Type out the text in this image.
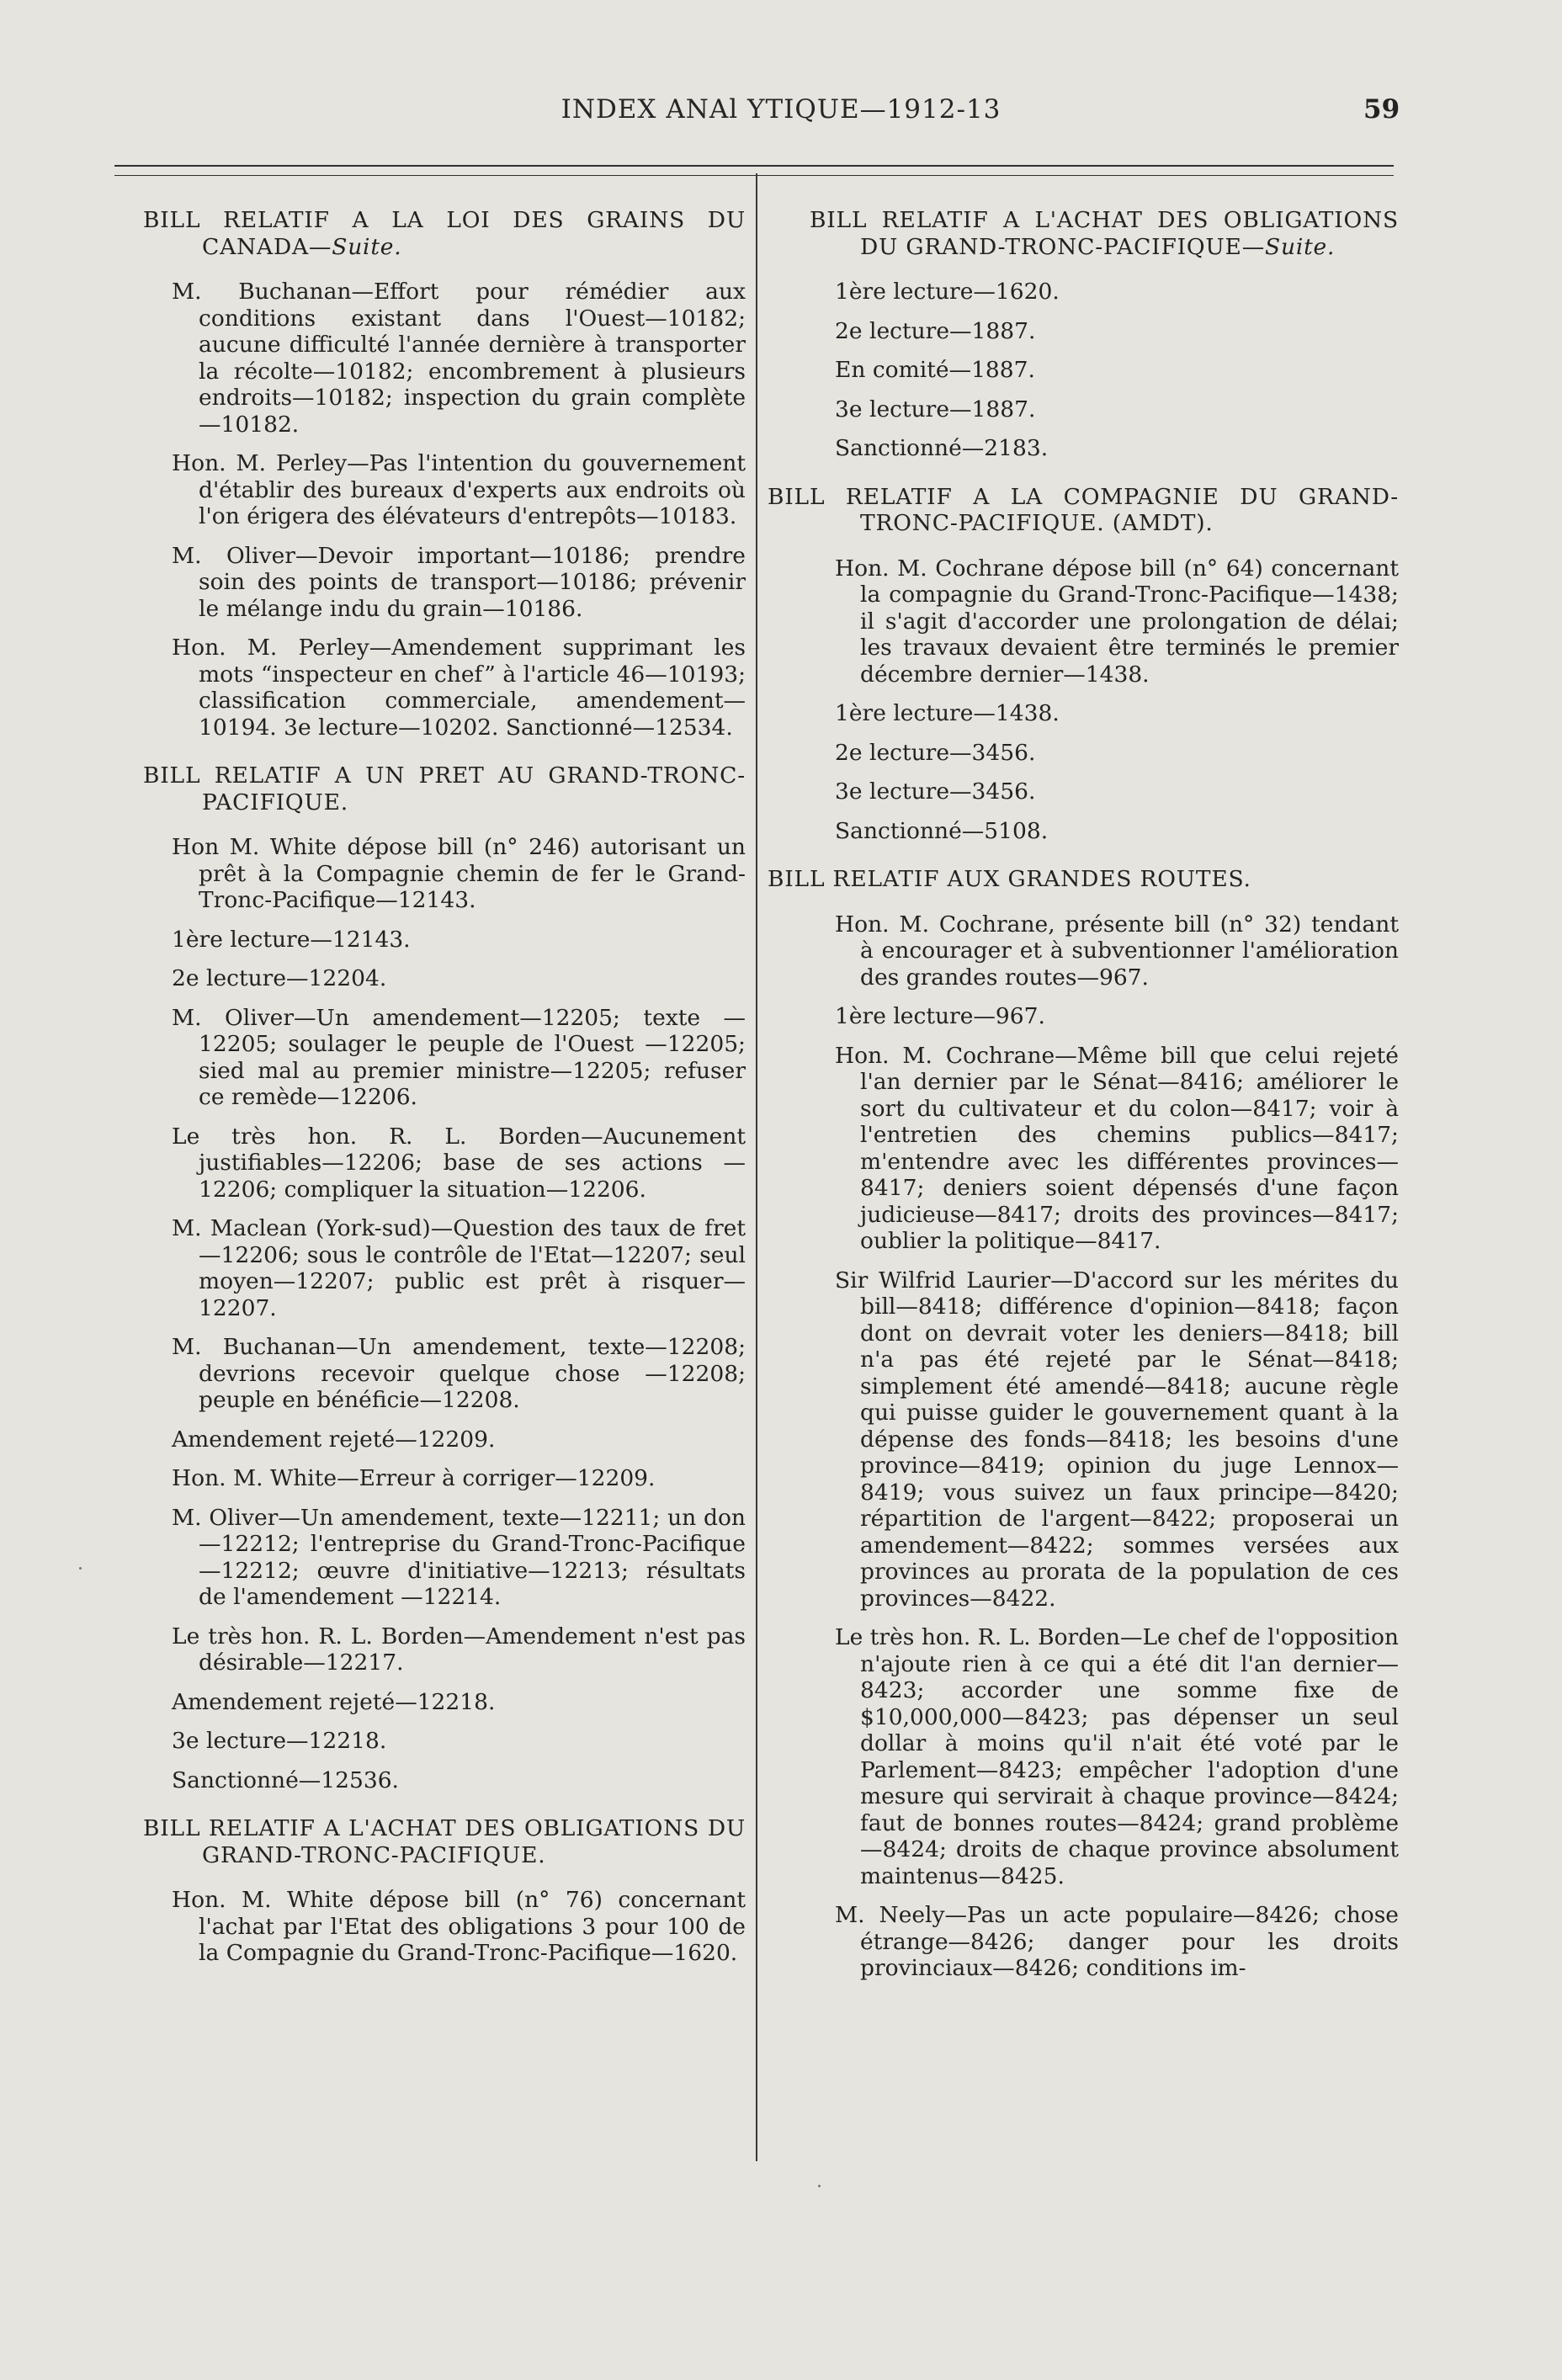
INDEX ANAl YTIQUE—1912-13	59

BILL RELATIF A LA LOI DES GRAINS DU CANADA—Suite.

M. Buchanan—Effort pour rémédier aux conditions existant dans l'Ouest—10182; aucune difficulté l'année dernière à transporter la récolte—10182; encombrement à plusieurs endroits—10182; inspection du grain complète—10182.

Hon. M. Perley—Pas l'intention du gouvernement d'établir des bureaux d'experts aux endroits où l'on érigera des élévateurs d'entrepôts—10183.

M. Oliver—Devoir important—10186; prendre soin des points de transport—10186; prévenir le mélange indu du grain—10186.

Hon. M. Perley—Amendement supprimant les mots “inspecteur en chef” à l'article 46—10193; classification commerciale, amendement—10194. 3e lecture—10202. Sanctionné—12534.

BILL RELATIF A UN PRET AU GRAND-TRONC-PACIFIQUE.

Hon M. White dépose bill (n° 246) autorisant un prêt à la Compagnie chemin de fer le Grand-Tronc-Pacifique—12143.

1ère lecture—12143.

2e lecture—12204.

M. Oliver—Un amendement—12205; texte —12205; soulager le peuple de l'Ouest —12205; sied mal au premier ministre—12205; refuser ce remède—12206.

Le très hon. R. L. Borden—Aucunement justifiables—12206; base de ses actions —12206; compliquer la situation—12206.

M. Maclean (York-sud)—Question des taux de fret—12206; sous le contrôle de l'Etat—12207; seul moyen—12207; public est prêt à risquer—12207.

M. Buchanan—Un amendement, texte—12208; devrions recevoir quelque chose —12208; peuple en bénéficie—12208.

Amendement rejeté—12209.

Hon. M. White—Erreur à corriger—12209.

M. Oliver—Un amendement, texte—12211; un don—12212; l'entreprise du Grand-Tronc-Pacifique—12212; œuvre d'initiative—12213; résultats de l'amendement —12214.

Le très hon. R. L. Borden—Amendement n'est pas désirable—12217.

Amendement rejeté—12218.

3e lecture—12218.

Sanctionné—12536.

BILL RELATIF A L'ACHAT DES OBLIGATIONS DU GRAND-TRONC-PACIFIQUE.

Hon. M. White dépose bill (n° 76) concernant l'achat par l'Etat des obligations 3 pour 100 de la Compagnie du Grand-Tronc-Pacifique—1620.

BILL RELATIF A L'ACHAT DES OBLIGATIONS DU GRAND-TRONC-PACIFIQUE—Suite.

1ère lecture—1620.

2e lecture—1887.

En comité—1887.

3e lecture—1887.

Sanctionné—2183.

BILL RELATIF A LA COMPAGNIE DU GRAND-TRONC-PACIFIQUE. (AMDT).

Hon. M. Cochrane dépose bill (n° 64) concernant la compagnie du Grand-Tronc-Pacifique—1438; il s'agit d'accorder une prolongation de délai; les travaux devaient être terminés le premier décembre dernier—1438.

1ère lecture—1438.

2e lecture—3456.

3e lecture—3456.

Sanctionné—5108.

BILL RELATIF AUX GRANDES ROUTES.

Hon. M. Cochrane, présente bill (n° 32) tendant à encourager et à subventionner l'amélioration des grandes routes—967.

1ère lecture—967.

Hon. M. Cochrane—Même bill que celui rejeté l'an dernier par le Sénat—8416; améliorer le sort du cultivateur et du colon—8417; voir à l'entretien des chemins publics—8417; m'entendre avec les différentes provinces—8417; deniers soient dépensés d'une façon judicieuse—8417; droits des provinces—8417; oublier la politique—8417.

Sir Wilfrid Laurier—D'accord sur les mérites du bill—8418; différence d'opinion—8418; façon dont on devrait voter les deniers—8418; bill n'a pas été rejeté par le Sénat—8418; simplement été amendé—8418; aucune règle qui puisse guider le gouvernement quant à la dépense des fonds—8418; les besoins d'une province—8419; opinion du juge Lennox—8419; vous suivez un faux principe—8420; répartition de l'argent—8422; proposerai un amendement—8422; sommes versées aux provinces au prorata de la population de ces provinces—8422.

Le très hon. R. L. Borden—Le chef de l'opposition n'ajoute rien à ce qui a été dit l'an dernier—8423; accorder une somme fixe de $10,000,000—8423; pas dépenser un seul dollar à moins qu'il n'ait été voté par le Parlement—8423; empêcher l'adoption d'une mesure qui servirait à chaque province—8424; faut de bonnes routes—8424; grand problème —8424; droits de chaque province absolument maintenus—8425.

M. Neely—Pas un acte populaire—8426; chose étrange—8426; danger pour les droits provinciaux—8426; conditions im-
